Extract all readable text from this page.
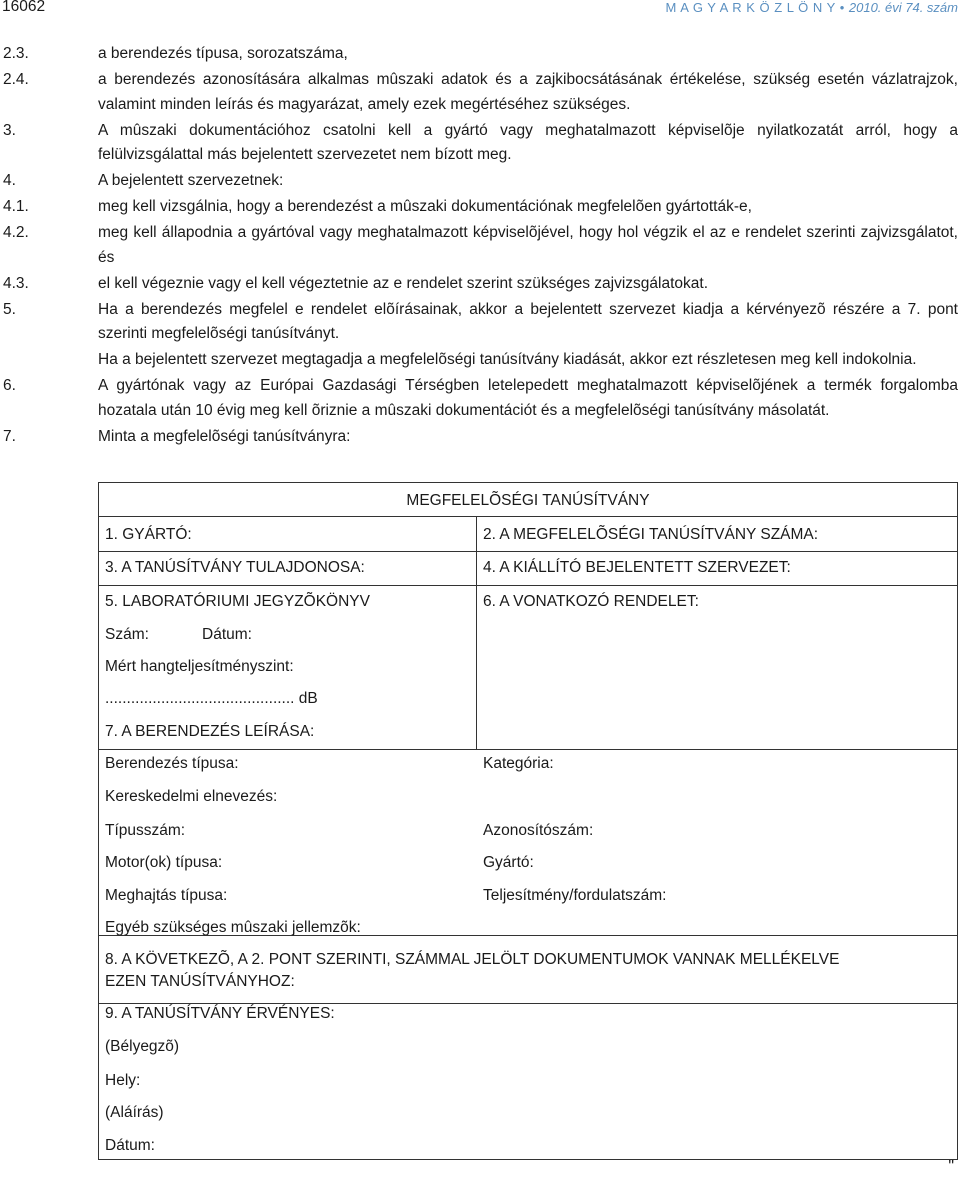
16062	M A G Y A R K Ö Z L Ö N Y • 2010. évi 74. szám
2.3.	a berendezés típusa, sorozatszáma,
2.4.	a berendezés azonosítására alkalmas mûszaki adatok és a zajkibocsátásának értékelése, szükség esetén vázlatrajzok, valamint minden leírás és magyarázat, amely ezek megértéséhez szükséges.
3.	A mûszaki dokumentációhoz csatolni kell a gyártó vagy meghatalmazott képviselõje nyilatkozatát arról, hogy a felülvizsgálattal más bejelentett szervezetet nem bízott meg.
4.	A bejelentett szervezetnek:
4.1.	meg kell vizsgálnia, hogy a berendezést a mûszaki dokumentációnak megfelelõen gyártották-e,
4.2.	meg kell állapodnia a gyártóval vagy meghatalmazott képviselõjével, hogy hol végzik el az e rendelet szerinti zajvizsgálatot, és
4.3.	el kell végeznie vagy el kell végeztetnie az e rendelet szerint szükséges zajvizsgálatokat.
5.	Ha a berendezés megfelel e rendelet elõírásainak, akkor a bejelentett szervezet kiadja a kérvényezõ részére a 7. pont szerinti megfelelõségi tanúsítványt.
Ha a bejelentett szervezet megtagadja a megfelelõségi tanúsítvány kiadását, akkor ezt részletesen meg kell indokolnia.
6.	A gyártónak vagy az Európai Gazdasági Térségben letelepedett meghatalmazott képviselõjének a termék forgalomba hozatala után 10 évig meg kell õriznie a mûszaki dokumentációt és a megfelelõségi tanúsítvány másolatát.
7.	Minta a megfelelõségi tanúsítványra:
MEGFELELÕSÉGI TANÚSÍTVÁNY
1. GYÁRTÓ:	2. A MEGFELELÕSÉGI TANÚSÍTVÁNY SZÁMA:
3. A TANÚSÍTVÁNY TULAJDONOSA:	4. A KIÁLLÍTÓ BEJELENTETT SZERVEZET:
5. LABORATÓRIUMI JEGYZÕKÖNYV	6. A VONATKOZÓ RENDELET:
Szám:	Dátum:
Mért hangteljesítményszint:
............................................ dB
7. A BERENDEZÉS LEÍRÁSA:
Berendezés típusa:	Kategória:
Kereskedelmi elnevezés:
Típusszám:	Azonosítószám:
Motor(ok) típusa:	Gyártó:
Meghajtás típusa:	Teljesítmény/fordulatszám:
Egyéb szükséges mûszaki jellemzõk:
8. A KÖVETKEZÕ, A 2. PONT SZERINTI, SZÁMMAL JELÖLT DOKUMENTUMOK VANNAK MELLÉKELVE EZEN TANÚSÍTVÁNYHOZ:
9. A TANÚSÍTVÁNY ÉRVÉNYES:
(Bélyegzõ)
Hely:
(Aláírás)
Dátum:
"
